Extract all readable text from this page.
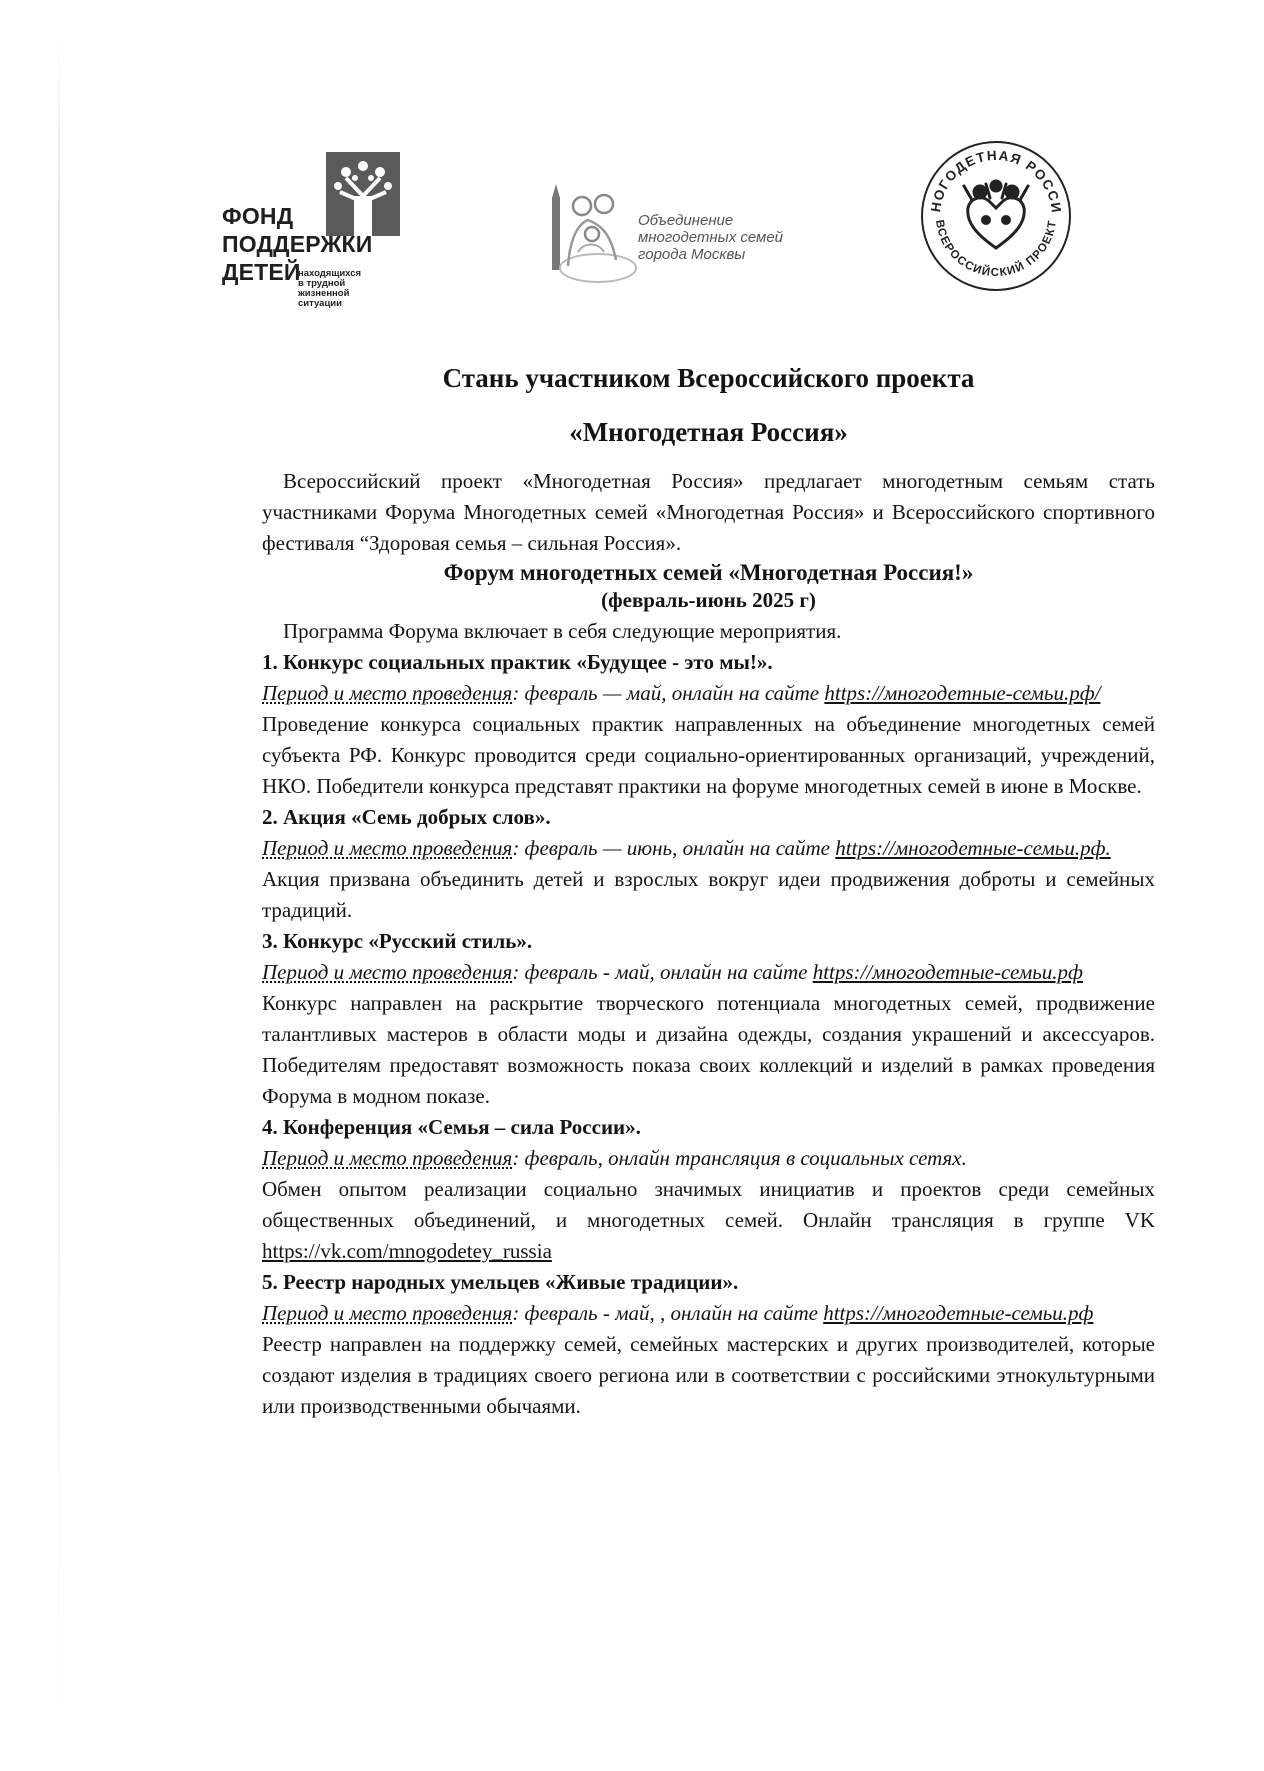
ФОНД
ПОДДЕРЖКИ
ДЕТЕЙ
находящихся
в трудной
жизненной
ситуации
Объединение
многодетных семей
города Москвы
НОГОДЕТНАЯ РОССИ
ВСЕРОССИЙСКИЙ ПРОЕКТ
Стань участником Всероссийского проекта
«Многодетная Россия»

Всероссийский проект «Многодетная Россия» предлагает многодетным семьям стать участниками Форума Многодетных семей «Многодетная Россия» и Всероссийского спортивного фестиваля “Здоровая семья – сильная Россия».

Форум многодетных семей «Многодетная Россия!»

(февраль-июнь 2025 г)

Программа Форума включает в себя следующие мероприятия.

1. Конкурс социальных практик «Будущее - это мы!».

Период и место проведения: февраль — май, онлайн на сайте https://многодетные-семьи.рф/

Проведение конкурса социальных практик направленных на объединение многодетных семей субъекта РФ. Конкурс проводится среди социально-ориентированных организаций, учреждений, НКО. Победители конкурса представят практики на форуме многодетных семей в июне в Москве.

2. Акция «Семь добрых слов».

Период и место проведения: февраль — июнь, онлайн на сайте https://многодетные-семьи.рф.

Акция призвана объединить детей и взрослых вокруг идеи продвижения доброты и семейных традиций.

3. Конкурс «Русский стиль».

Период и место проведения: февраль - май, онлайн на сайте https://многодетные-семьи.рф

Конкурс направлен на раскрытие творческого потенциала многодетных семей, продвижение талантливых мастеров в области моды и дизайна одежды, создания украшений и аксессуаров. Победителям предоставят возможность показа своих коллекций и изделий в рамках проведения Форума в модном показе.

4. Конференция «Семья – сила России».

Период и место проведения: февраль, онлайн трансляция в социальных сетях.

Обмен опытом реализации социально значимых инициатив и проектов среди семейных общественных объединений, и многодетных семей. Онлайн трансляция в группе VK https://vk.com/mnogodetey_russia

5. Реестр народных умельцев «Живые традиции».

Период и место проведения: февраль - май, , онлайн на сайте https://многодетные-семьи.рф

Реестр направлен на поддержку семей, семейных мастерских и других производителей, которые создают изделия в традициях своего региона или в соответствии с российскими этнокультурными или производственными обычаями.
